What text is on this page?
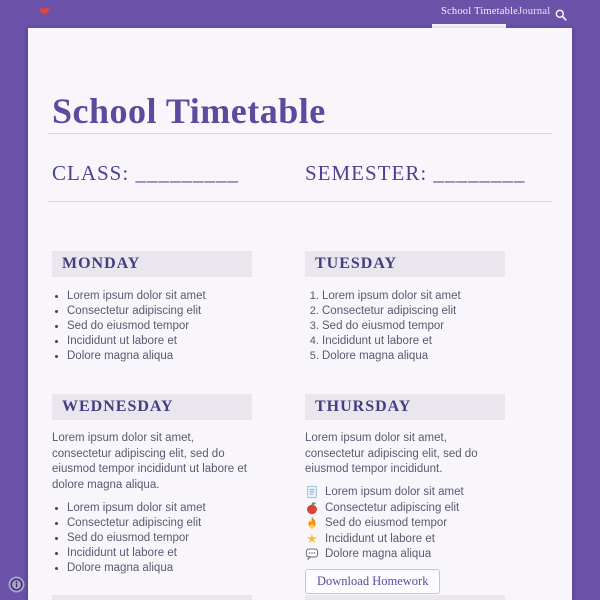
❤	School Timetable Journal
School Timetable
CLASS: _________	SEMESTER: ________
MONDAY
• Lorem ipsum dolor sit amet
• Consectetur adipiscing elit
• Sed do eiusmod tempor
• Incididunt ut labore et
• Dolore magna aliqua
TUESDAY
1. Lorem ipsum dolor sit amet
2. Consectetur adipiscing elit
3. Sed do eiusmod tempor
4. Incididunt ut labore et
5. Dolore magna aliqua
WEDNESDAY

Lorem ipsum dolor sit amet, consectetur adipiscing elit, sed do eiusmod tempor incididunt ut labore et dolore magna aliqua.

• Lorem ipsum dolor sit amet
• Consectetur adipiscing elit
• Sed do eiusmod tempor
• Incididunt ut labore et
• Dolore magna aliqua
THURSDAY

Lorem ipsum dolor sit amet, consectetur adipiscing elit, sed do eiusmod tempor incididunt.

Lorem ipsum dolor sit amet
Consectetur adipiscing elit
Sed do eiusmod tempor
★ Incididunt ut labore et
Dolore magna aliqua
Download Homework
